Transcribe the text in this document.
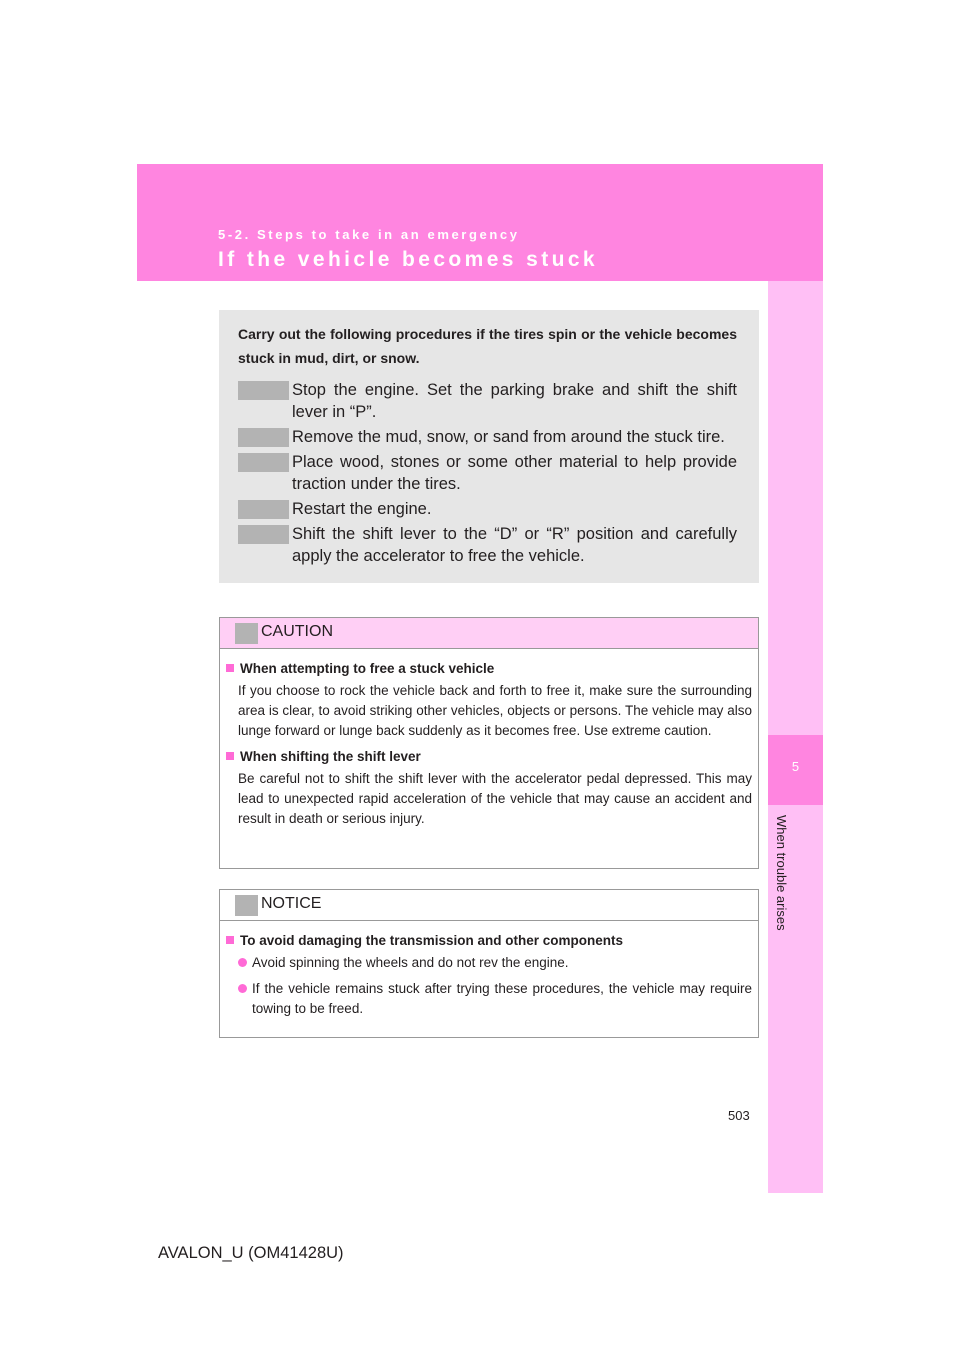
5-2. Steps to take in an emergency
If the vehicle becomes stuck
5
When trouble arises

Carry out the following procedures if the tires spin or the vehicle becomes stuck in mud, dirt, or snow.

Stop the engine. Set the parking brake and shift the shift lever in “P”.
Remove the mud, snow, or sand from around the stuck tire.
Place wood, stones or some other material to help provide traction under the tires.
Restart the engine.
Shift the shift lever to the “D” or “R” position and carefully apply the accelerator to free the vehicle.
CAUTION

When attempting to free a stuck vehicle

If you choose to rock the vehicle back and forth to free it, make sure the surrounding area is clear, to avoid striking other vehicles, objects or persons. The vehicle may also lunge forward or lunge back suddenly as it becomes free. Use extreme caution.

When shifting the shift lever

Be careful not to shift the shift lever with the accelerator pedal depressed. This may lead to unexpected rapid acceleration of the vehicle that may cause an accident and result in death or serious injury.

NOTICE

To avoid damaging the transmission and other components

Avoid spinning the wheels and do not rev the engine.
If the vehicle remains stuck after trying these procedures, the vehicle may require towing to be freed.
503
AVALON_U (OM41428U)
